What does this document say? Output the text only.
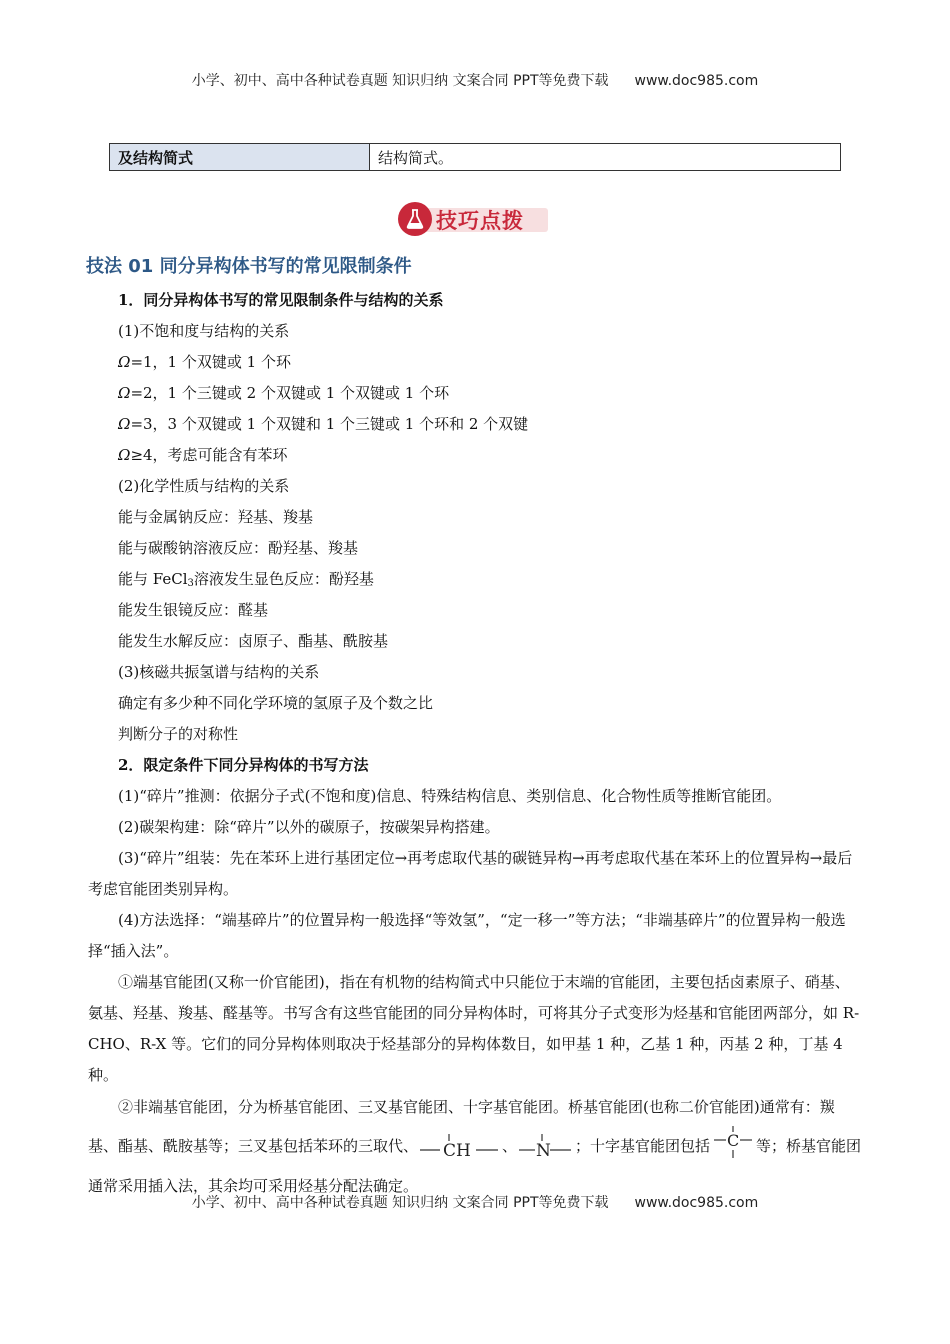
小学、初中、高中各种试卷真题 知识归纳 文案合同 PPT等免费下载 www.doc985.com
及结构简式	结构简式。
技巧点拨
技法 01 同分异构体书写的常见限制条件
1．同分异构体书写的常见限制条件与结构的关系
(1)不饱和度与结构的关系
Ω=1，1 个双键或 1 个环
Ω=2，1 个三键或 2 个双键或 1 个双键或 1 个环
Ω=3，3 个双键或 1 个双键和 1 个三键或 1 个环和 2 个双键
Ω≥4，考虑可能含有苯环
(2)化学性质与结构的关系
能与金属钠反应：羟基、羧基
能与碳酸钠溶液反应：酚羟基、羧基
能与 FeCl$_3$溶液发生显色反应：酚羟基
能发生银镜反应：醛基
能发生水解反应：卤原子、酯基、酰胺基
(3)核磁共振氢谱与结构的关系
确定有多少种不同化学环境的氢原子及个数之比
判断分子的对称性
2．限定条件下同分异构体的书写方法
(1)“碎片”推测：依据分子式(不饱和度)信息、特殊结构信息、类别信息、化合物性质等推断官能团。
(2)碳架构建：除“碎片”以外的碳原子，按碳架异构搭建。
(3)“碎片”组装：先在苯环上进行基团定位→再考虑取代基的碳链异构→再考虑取代基在苯环上的位置异构→最后考虑官能团类别异构。
(4)方法选择：“端基碎片”的位置异构一般选择“等效氢”，“定一移一”等方法；“非端基碎片”的位置异构一般选择“插入法”。
①端基官能团(又称一价官能团)，指在有机物的结构简式中只能位于末端的官能团，主要包括卤素原子、硝基、氨基、羟基、羧基、醛基等。书写含有这些官能团的同分异构体时，可将其分子式变形为烃基和官能团两部分，如 R-CHO、R-X 等。它们的同分异构体则取决于烃基部分的异构体数目，如甲基 1 种，乙基 1 种，丙基 2 种，丁基 4 种。
②非端基官能团，分为桥基官能团、三叉基官能团、十字基官能团。桥基官能团(也称二价官能团)通常有：羰基、酯基、酰胺基等；三叉基包括苯环的三取代、 CH 、 N ；十字基官能团包括 C 等；桥基官能团通常采用插入法，其余均可采用烃基分配法确定。
小学、初中、高中各种试卷真题 知识归纳 文案合同 PPT等免费下载 www.doc985.com
